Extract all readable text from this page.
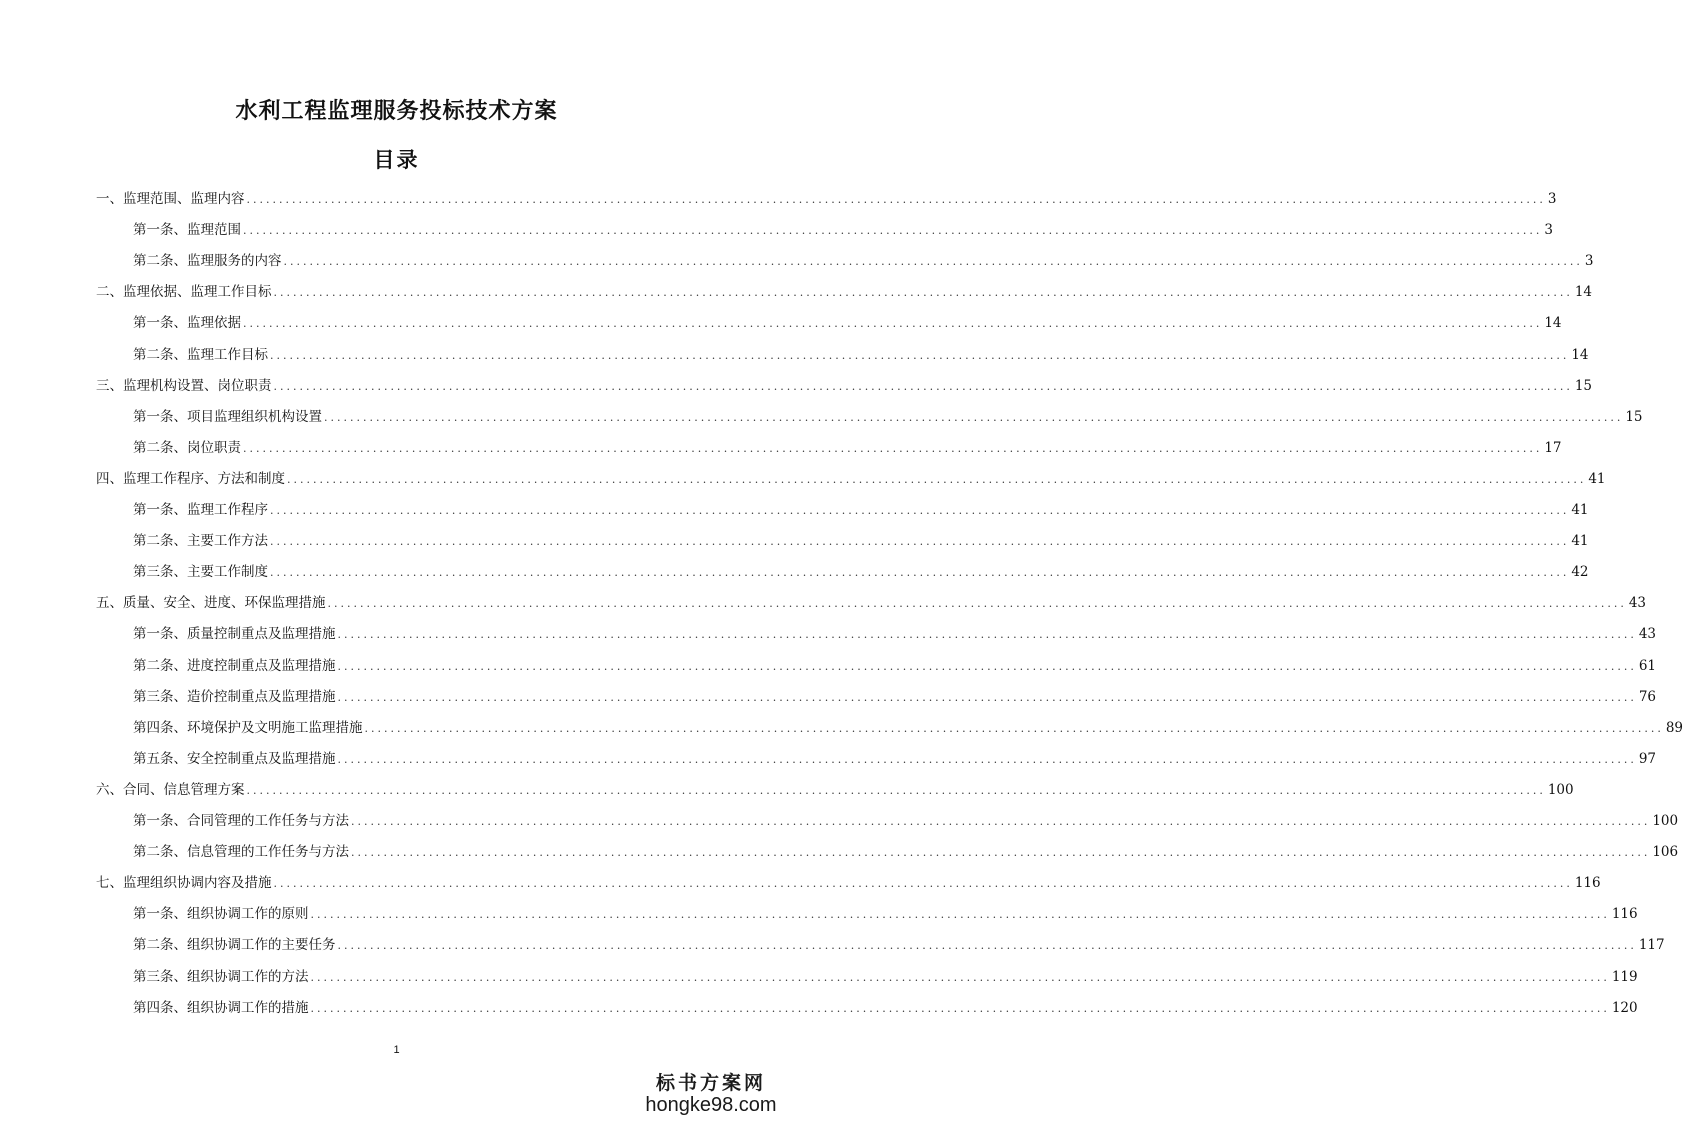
水利工程监理服务投标技术方案
目录
一、监理范围、监理内容 ........................................................................................................................................................................................................ 3
第一条、监理范围 ........................................................................................................................................................................................................ 3
第二条、监理服务的内容 ........................................................................................................................................................................................................ 3
二、监理依据、监理工作目标 ........................................................................................................................................................................................................ 14
第一条、监理依据 ........................................................................................................................................................................................................ 14
第二条、监理工作目标 ........................................................................................................................................................................................................ 14
三、监理机构设置、岗位职责 ........................................................................................................................................................................................................ 15
第一条、项目监理组织机构设置 ........................................................................................................................................................................................................ 15
第二条、岗位职责 ........................................................................................................................................................................................................ 17
四、监理工作程序、方法和制度 ........................................................................................................................................................................................................ 41
第一条、监理工作程序 ........................................................................................................................................................................................................ 41
第二条、主要工作方法 ........................................................................................................................................................................................................ 41
第三条、主要工作制度 ........................................................................................................................................................................................................ 42
五、质量、安全、进度、环保监理措施 ........................................................................................................................................................................................................ 43
第一条、质量控制重点及监理措施 ........................................................................................................................................................................................................ 43
第二条、进度控制重点及监理措施 ........................................................................................................................................................................................................ 61
第三条、造价控制重点及监理措施 ........................................................................................................................................................................................................ 76
第四条、环境保护及文明施工监理措施 ........................................................................................................................................................................................................ 89
第五条、安全控制重点及监理措施 ........................................................................................................................................................................................................ 97
六、合同、信息管理方案 ........................................................................................................................................................................................................ 100
第一条、合同管理的工作任务与方法 ........................................................................................................................................................................................................ 100
第二条、信息管理的工作任务与方法 ........................................................................................................................................................................................................ 106
七、监理组织协调内容及措施 ........................................................................................................................................................................................................ 116
第一条、组织协调工作的原则 ........................................................................................................................................................................................................ 116
第二条、组织协调工作的主要任务 ........................................................................................................................................................................................................ 117
第三条、组织协调工作的方法 ........................................................................................................................................................................................................ 119
第四条、组织协调工作的措施 ........................................................................................................................................................................................................ 120
1
标书方案网
hongke98.com
